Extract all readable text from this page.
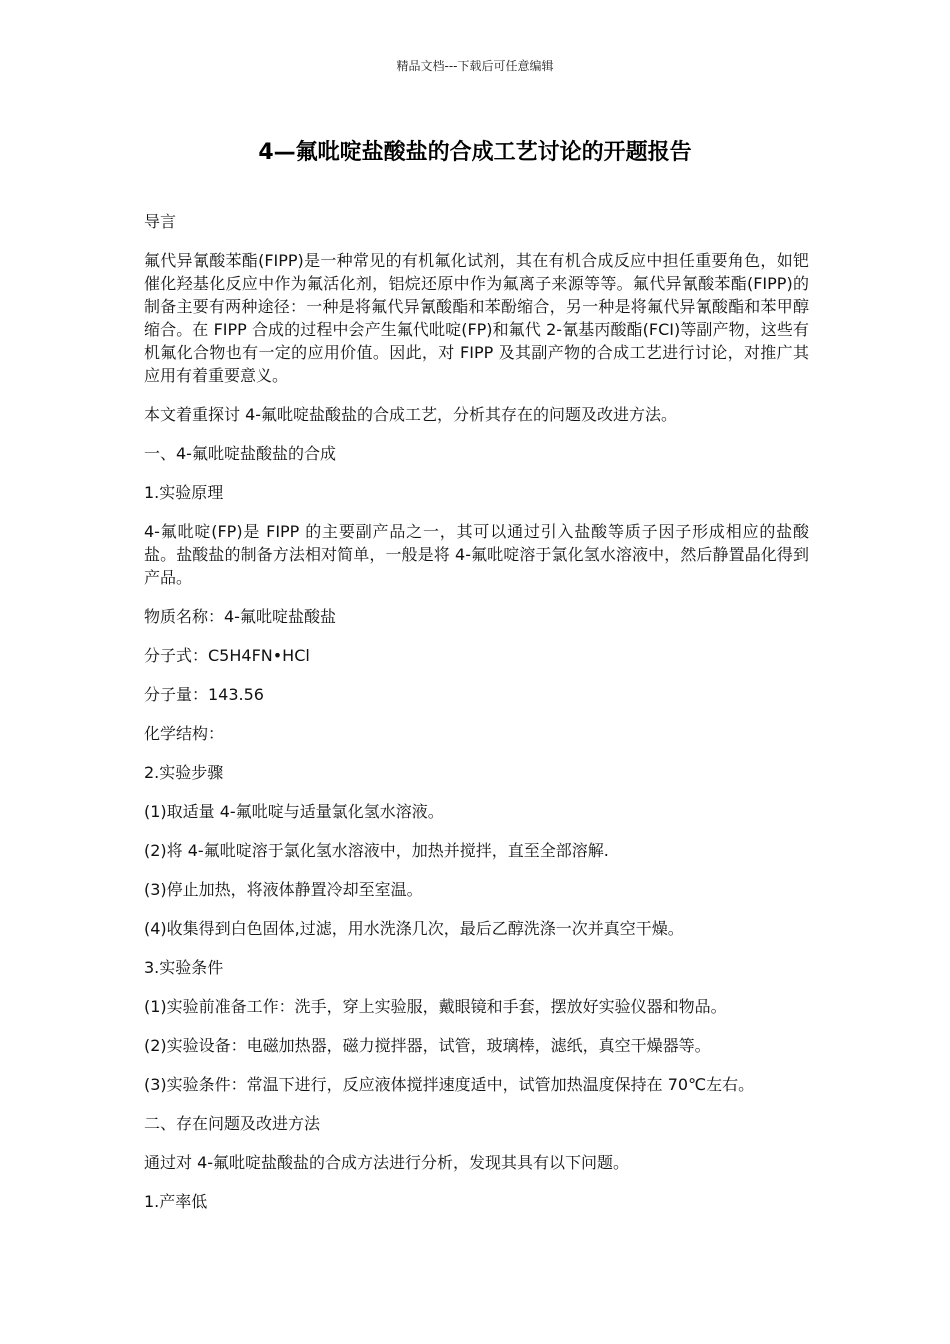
精品文档---下载后可任意编辑
4—氟吡啶盐酸盐的合成工艺讨论的开题报告

导言

氟代异氰酸苯酯(FIPP)是一种常见的有机氟化试剂，其在有机合成反应中担任重要角色，如钯催化羟基化反应中作为氟活化剂，铝烷还原中作为氟离子来源等等。氟代异氰酸苯酯(FIPP)的制备主要有两种途径：一种是将氟代异氰酸酯和苯酚缩合，另一种是将氟代异氰酸酯和苯甲醇缩合。在 FIPP 合成的过程中会产生氟代吡啶(FP)和氟代 2-氰基丙酸酯(FCI)等副产物，这些有机氟化合物也有一定的应用价值。因此，对 FIPP 及其副产物的合成工艺进行讨论，对推广其应用有着重要意义。

本文着重探讨 4-氟吡啶盐酸盐的合成工艺，分析其存在的问题及改进方法。

一、4-氟吡啶盐酸盐的合成

1.实验原理

4-氟吡啶(FP)是 FIPP 的主要副产品之一，其可以通过引入盐酸等质子因子形成相应的盐酸盐。盐酸盐的制备方法相对简单，一般是将 4-氟吡啶溶于氯化氢水溶液中，然后静置晶化得到产品。

物质名称：4-氟吡啶盐酸盐

分子式：C5H4FN•HCl

分子量：143.56

化学结构：

2.实验步骤

(1)取适量 4-氟吡啶与适量氯化氢水溶液。

(2)将 4-氟吡啶溶于氯化氢水溶液中，加热并搅拌，直至全部溶解.

(3)停止加热，将液体静置冷却至室温。

(4)收集得到白色固体,过滤，用水洗涤几次，最后乙醇洗涤一次并真空干燥。

3.实验条件

(1)实验前准备工作：洗手，穿上实验服，戴眼镜和手套，摆放好实验仪器和物品。

(2)实验设备：电磁加热器，磁力搅拌器，试管，玻璃棒，滤纸，真空干燥器等。

(3)实验条件：常温下进行，反应液体搅拌速度适中，试管加热温度保持在 70℃左右。

二、存在问题及改进方法

通过对 4-氟吡啶盐酸盐的合成方法进行分析，发现其具有以下问题。

1.产率低
